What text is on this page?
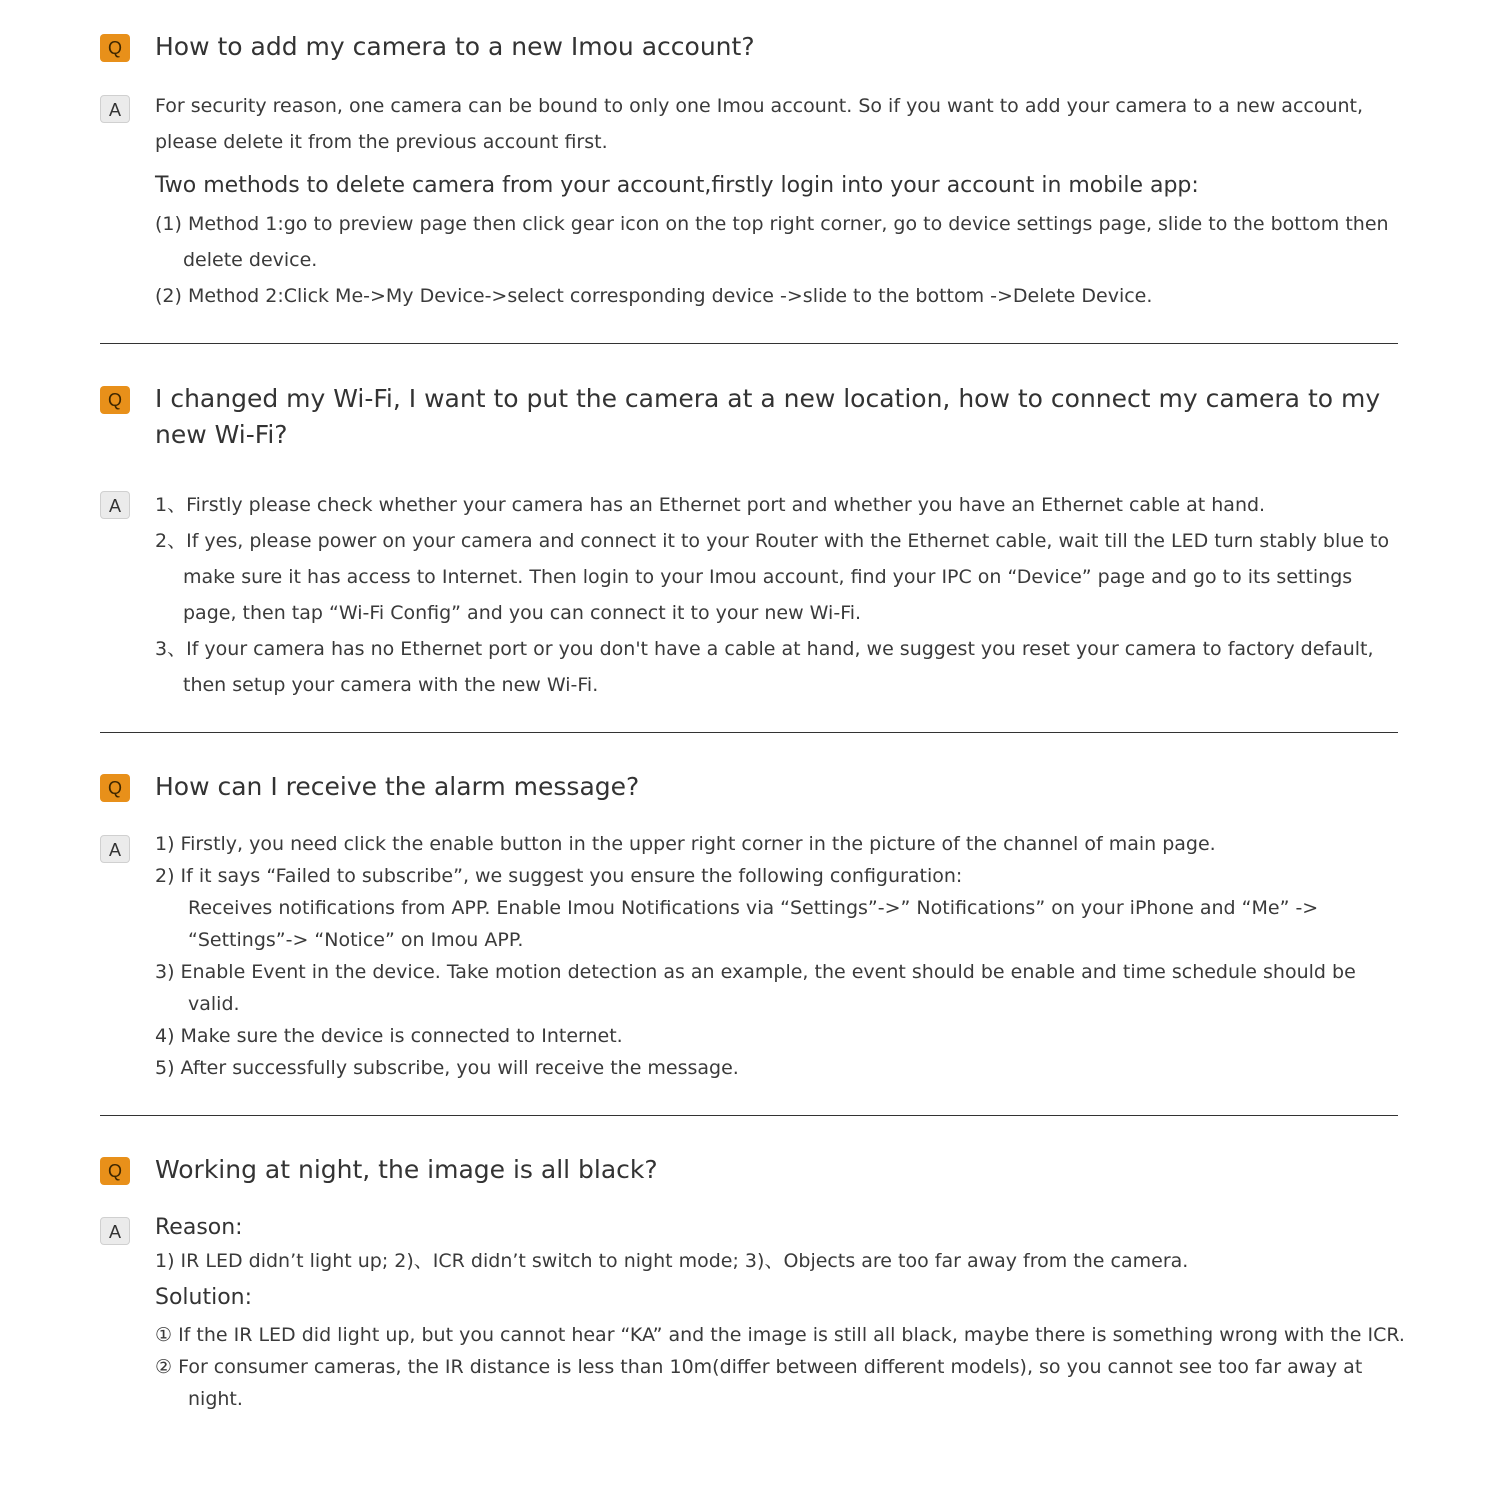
Q	How to add my camera to a new Imou account?
A	For security reason, one camera can be bound to only one Imou account. So if you want to add your camera to a new account, please delete it from the previous account first.

Two methods to delete camera from your account,firstly login into your account in mobile app:

(1) Method 1:go to preview page then click gear icon on the top right corner, go to device settings page, slide to the bottom then delete device.

(2) Method 2:Click Me->My Device->select corresponding device ->slide to the bottom ->Delete Device.

Q	I changed my Wi-Fi, I want to put the camera at a new location, how to connect my camera to my new Wi-Fi?
A	1、Firstly please check whether your camera has an Ethernet port and whether you have an Ethernet cable at hand.

2、If yes, please power on your camera and connect it to your Router with the Ethernet cable, wait till the LED turn stably blue to make sure it has access to Internet. Then login to your Imou account, find your IPC on “Device” page and go to its settings page, then tap “Wi-Fi Config” and you can connect it to your new Wi-Fi.

3、If your camera has no Ethernet port or you don't have a cable at hand, we suggest you reset your camera to factory default, then setup your camera with the new Wi-Fi.

Q	How can I receive the alarm message?
A	1) Firstly, you need click the enable button in the upper right corner in the picture of the channel of main page.

2) If it says “Failed to subscribe”, we suggest you ensure the following configuration:

Receives notifications from APP. Enable Imou Notifications via “Settings”->” Notifications” on your iPhone and “Me” -> “Settings”-> “Notice” on Imou APP.

3) Enable Event in the device. Take motion detection as an example, the event should be enable and time schedule should be valid.

4) Make sure the device is connected to Internet.

5) After successfully subscribe, you will receive the message.

Q	Working at night, the image is all black?
A	Reason:

1) IR LED didn’t light up; 2)、ICR didn’t switch to night mode; 3)、Objects are too far away from the camera.

Solution:

① If the IR LED did light up, but you cannot hear “KA” and the image is still all black, maybe there is something wrong with the ICR.

② For consumer cameras, the IR distance is less than 10m(differ between different models), so you cannot see too far away at night.
